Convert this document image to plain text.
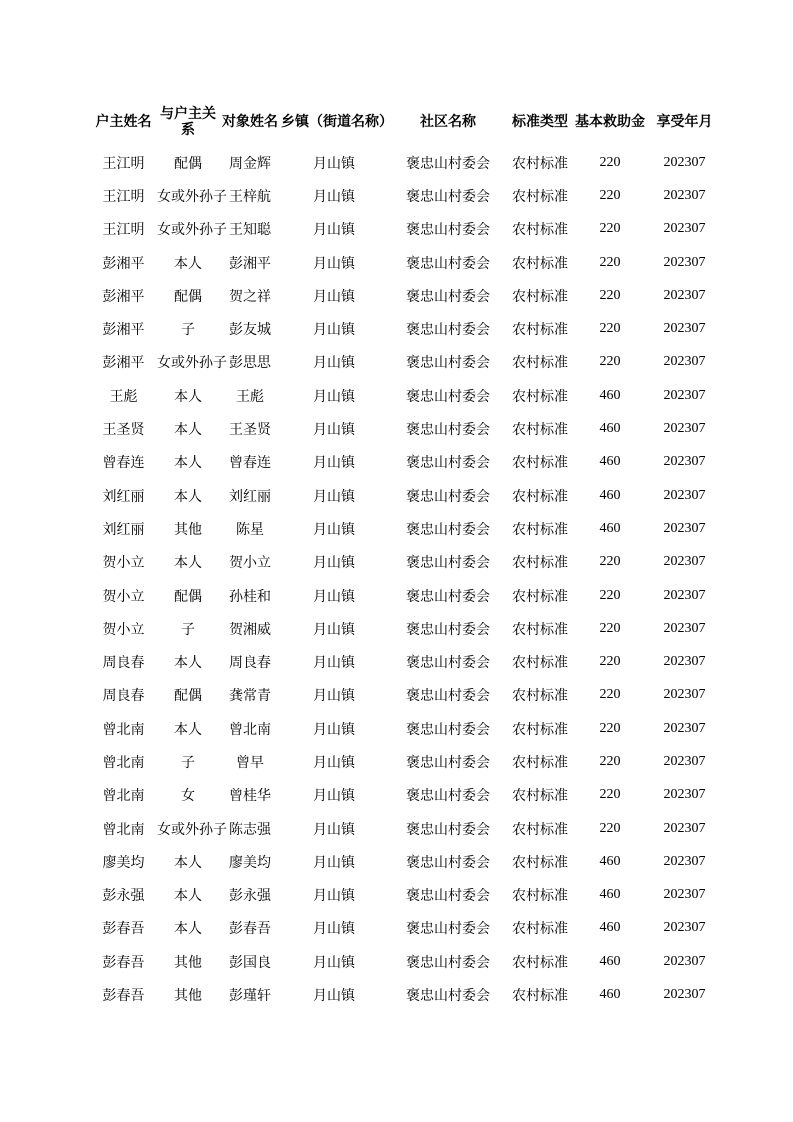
户主姓名	与户主关系	对象姓名	乡镇（街道名称）	社区名称	标准类型	基本救助金	享受年月
王江明	配偶	周金辉	月山镇	褒忠山村委会	农村标准	220	202307
王江明	女或外孙子	王梓航	月山镇	褒忠山村委会	农村标准	220	202307
王江明	女或外孙子	王知聪	月山镇	褒忠山村委会	农村标准	220	202307
彭湘平	本人	彭湘平	月山镇	褒忠山村委会	农村标准	220	202307
彭湘平	配偶	贺之祥	月山镇	褒忠山村委会	农村标准	220	202307
彭湘平	子	彭友城	月山镇	褒忠山村委会	农村标准	220	202307
彭湘平	女或外孙子	彭思思	月山镇	褒忠山村委会	农村标准	220	202307
王彪	本人	王彪	月山镇	褒忠山村委会	农村标准	460	202307
王圣贤	本人	王圣贤	月山镇	褒忠山村委会	农村标准	460	202307
曾春连	本人	曾春连	月山镇	褒忠山村委会	农村标准	460	202307
刘红丽	本人	刘红丽	月山镇	褒忠山村委会	农村标准	460	202307
刘红丽	其他	陈星	月山镇	褒忠山村委会	农村标准	460	202307
贺小立	本人	贺小立	月山镇	褒忠山村委会	农村标准	220	202307
贺小立	配偶	孙桂和	月山镇	褒忠山村委会	农村标准	220	202307
贺小立	子	贺湘威	月山镇	褒忠山村委会	农村标准	220	202307
周良春	本人	周良春	月山镇	褒忠山村委会	农村标准	220	202307
周良春	配偶	龚常青	月山镇	褒忠山村委会	农村标准	220	202307
曾北南	本人	曾北南	月山镇	褒忠山村委会	农村标准	220	202307
曾北南	子	曾早	月山镇	褒忠山村委会	农村标准	220	202307
曾北南	女	曾桂华	月山镇	褒忠山村委会	农村标准	220	202307
曾北南	女或外孙子	陈志强	月山镇	褒忠山村委会	农村标准	220	202307
廖美均	本人	廖美均	月山镇	褒忠山村委会	农村标准	460	202307
彭永强	本人	彭永强	月山镇	褒忠山村委会	农村标准	460	202307
彭春吾	本人	彭春吾	月山镇	褒忠山村委会	农村标准	460	202307
彭春吾	其他	彭国良	月山镇	褒忠山村委会	农村标准	460	202307
彭春吾	其他	彭瑾轩	月山镇	褒忠山村委会	农村标准	460	202307
